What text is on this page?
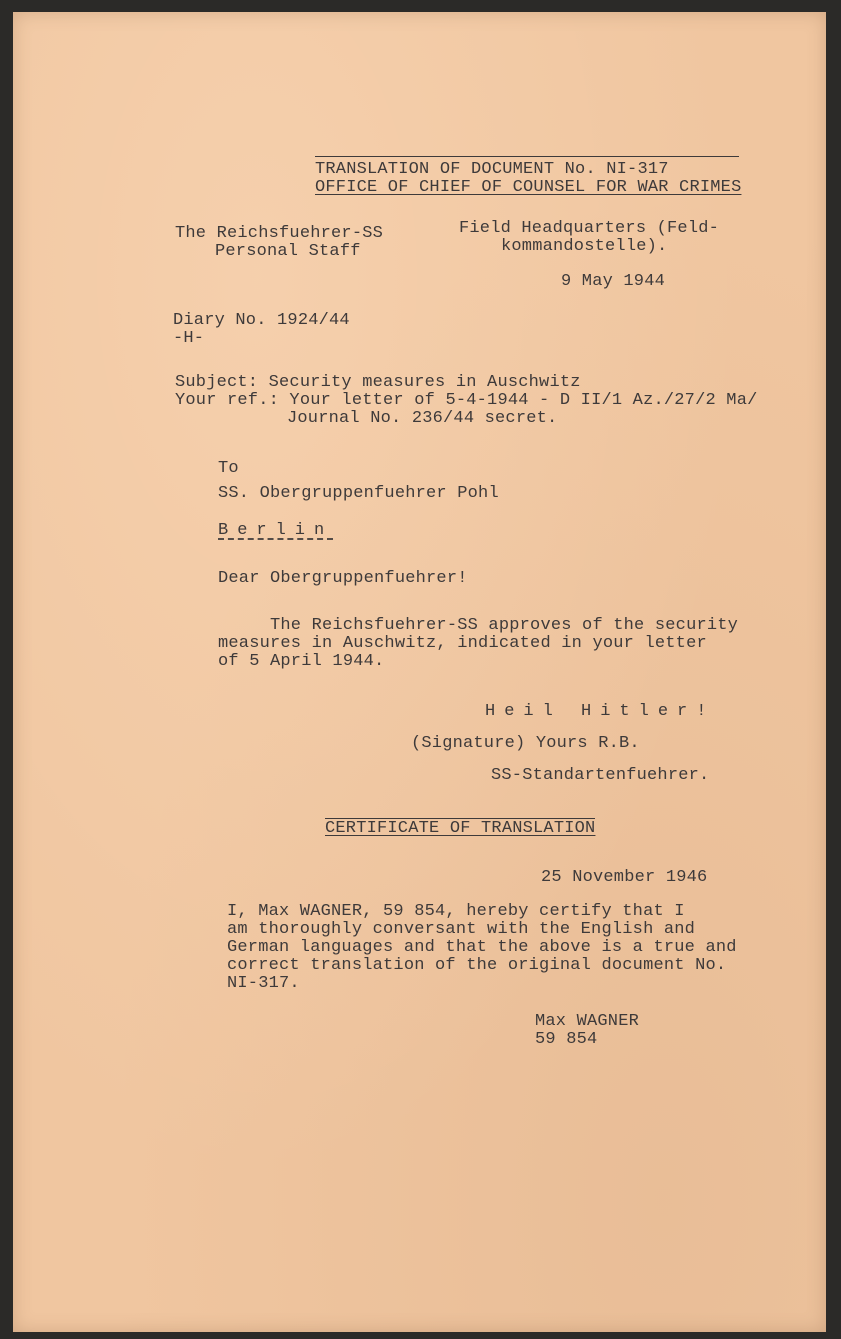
TRANSLATION OF DOCUMENT No. NI-317
OFFICE OF CHIEF OF COUNSEL FOR WAR CRIMES
The Reichsfuehrer-SS
Personal Staff
Field Headquarters (Feld-
kommandostelle).
9 May 1944
Diary No. 1924/44
-H-
Subject: Security measures in Auschwitz
Your ref.: Your letter of 5-4-1944 - D II/1 Az./27/2 Ma/
Journal No. 236/44 secret.
To
SS. Obergruppenfuehrer Pohl
Berlin
Dear Obergruppenfuehrer!
The Reichsfuehrer-SS approves of the security
measures in Auschwitz, indicated in your letter
of 5 April 1944.
Heil Hitler!
(Signature) Yours R.B.
SS-Standartenfuehrer.
CERTIFICATE OF TRANSLATION
25 November 1946
I, Max WAGNER, 59 854, hereby certify that I
am thoroughly conversant with the English and
German languages and that the above is a true and
correct translation of the original document No.
NI-317.
Max WAGNER
59 854
